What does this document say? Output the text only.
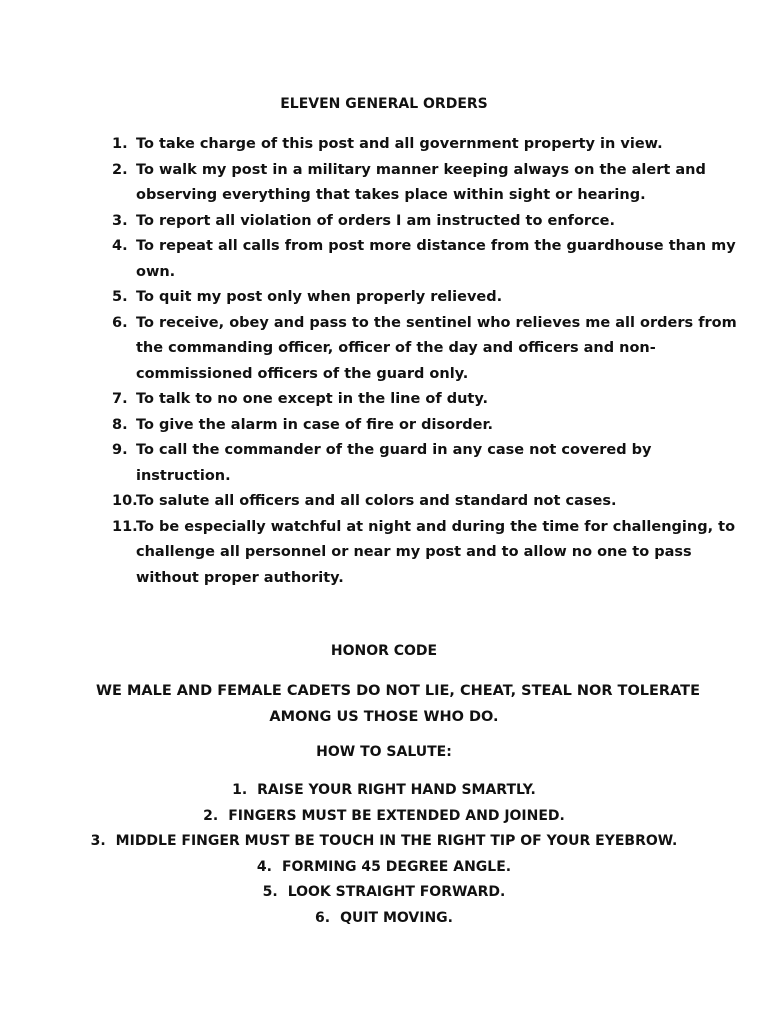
ELEVEN GENERAL ORDERS
1. To take charge of this post and all government property in view.
2. To walk my post in a military manner keeping always on the alert and
observing everything that takes place within sight or hearing.
3. To report all violation of orders I am instructed to enforce.
4. To repeat all calls from post more distance from the guardhouse than my
own.
5. To quit my post only when properly relieved.
6. To receive, obey and pass to the sentinel who relieves me all orders from
the commanding officer, officer of the day and officers and non-
commissioned officers of the guard only.
7. To talk to no one except in the line of duty.
8. To give the alarm in case of fire or disorder.
9. To call the commander of the guard in any case not covered by
instruction.
10.
To salute all officers and all colors and standard not cases.
11.
To be especially watchful at night and during the time for challenging, to
challenge all personnel or near my post and to allow no one to pass
without proper authority.
HONOR CODE
WE MALE AND FEMALE CADETS DO NOT LIE, CHEAT, STEAL NOR TOLERATE
AMONG US THOSE WHO DO.
HOW TO SALUTE:
1. RAISE YOUR RIGHT HAND SMARTLY.
2. FINGERS MUST BE EXTENDED AND JOINED.
3. MIDDLE FINGER MUST BE TOUCH IN THE RIGHT TIP OF YOUR EYEBROW.
4. FORMING 45 DEGREE ANGLE.
5. LOOK STRAIGHT FORWARD.
6. QUIT MOVING.
